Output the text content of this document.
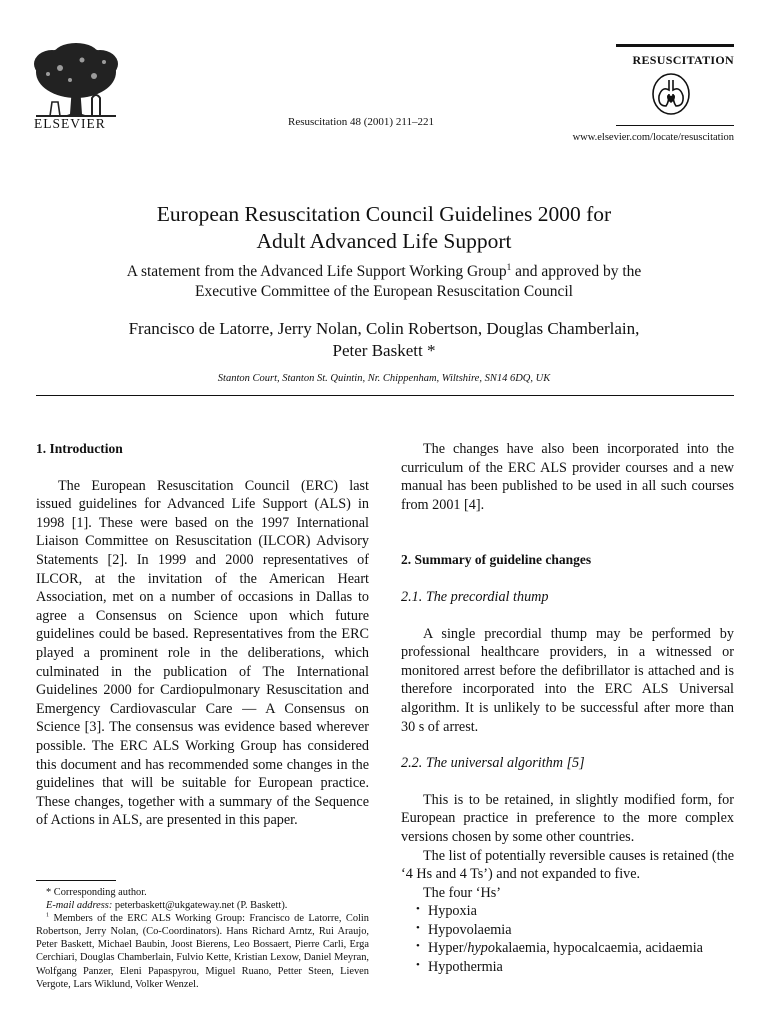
ELSEVIER	Resuscitation 48 (2001) 211–221
RESUSCITATION
www.elsevier.com/locate/resuscitation
European Resuscitation Council Guidelines 2000 for
Adult Advanced Life Support
A statement from the Advanced Life Support Working Group$^1$ and approved by the
Executive Committee of the European Resuscitation Council
Francisco de Latorre, Jerry Nolan, Colin Robertson, Douglas Chamberlain,
Peter Baskett *
Stanton Court, Stanton St. Quintin, Nr. Chippenham, Wiltshire, SN14 6DQ, UK

1. Introduction

The European Resuscitation Council (ERC) last issued guidelines for Advanced Life Support (ALS) in 1998 [1]. These were based on the 1997 International Liaison Committee on Resuscitation (ILCOR) Advisory Statements [2]. In 1999 and 2000 representatives of ILCOR, at the invitation of the American Heart Association, met on a number of occasions in Dallas to agree a Consensus on Science upon which future guidelines could be based. Representatives from the ERC played a prominent role in the deliberations, which culminated in the publication of The International Guidelines 2000 for Cardiopulmonary Resuscitation and Emergency Cardiovascular Care — A Consensus on Science [3]. The consensus was evidence based wherever possible. The ERC ALS Working Group has considered this document and has recommended some changes in the guidelines that will be suitable for European practice. These changes, together with a summary of the Sequence of Actions in ALS, are presented in this paper.

* Corresponding author.

E-mail address: peterbaskett@ukgateway.net (P. Baskett).

$^1$ Members of the ERC ALS Working Group: Francisco de Latorre, Colin Robertson, Jerry Nolan, (Co-Coordinators). Hans Richard Arntz, Rui Araujo, Peter Baskett, Michael Baubin, Joost Bierens, Leo Bossaert, Pierre Carli, Erga Cerchiari, Douglas Chamberlain, Fulvio Kette, Kristian Lexow, Daniel Meyran, Wolfgang Panzer, Eleni Papaspyrou, Miguel Ruano, Petter Steen, Lieven Vergote, Lars Wiklund, Volker Wenzel.

The changes have also been incorporated into the curriculum of the ERC ALS provider courses and a new manual has been published to be used in all such courses from 2001 [4].

2. Summary of guideline changes

2.1. The precordial thump

A single precordial thump may be performed by professional healthcare providers, in a witnessed or monitored arrest before the defibrillator is attached and is therefore incorporated into the ERC ALS Universal algorithm. It is unlikely to be successful after more than 30 s of arrest.

2.2. The universal algorithm [5]

This is to be retained, in slightly modified form, for European practice in preference to the more complex versions chosen by some other countries.

The list of potentially reversible causes is retained (the ‘4 Hs and 4 Ts’) and not expanded to five.

The four ‘Hs’

• Hypoxia
• Hypovolaemia
• Hyper/hypokalaemia, hypocalcaemia, acidaemia
• Hypothermia
